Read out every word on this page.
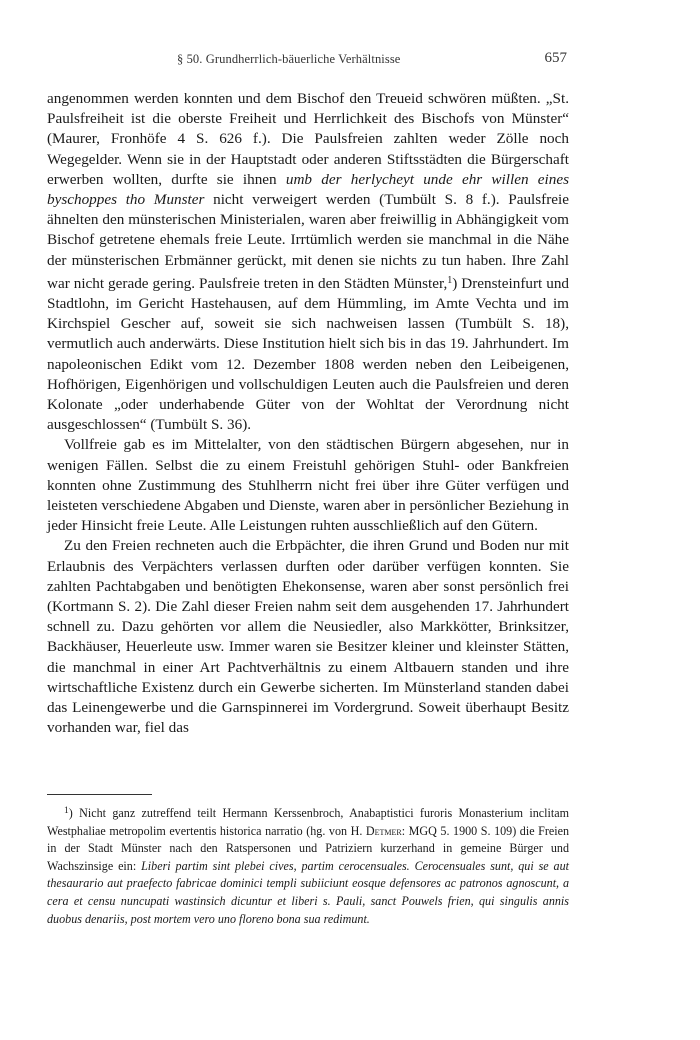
§ 50. Grundherrlich-bäuerliche Verhältnisse	657

angenommen werden konnten und dem Bischof den Treueid schwören müßten. „St. Paulsfreiheit ist die oberste Freiheit und Herrlichkeit des Bischofs von Münster“ (Maurer, Fronhöfe 4 S. 626 f.). Die Paulsfreien zahlten weder Zölle noch Wegegelder. Wenn sie in der Hauptstadt oder anderen Stiftsstädten die Bürgerschaft erwerben wollten, durfte sie ihnen umb der herlycheyt unde ehr willen eines byschoppes tho Munster nicht verweigert werden (Tumbült S. 8 f.). Paulsfreie ähnelten den münsterischen Ministerialen, waren aber freiwillig in Abhängigkeit vom Bischof getretene ehemals freie Leute. Irrtümlich werden sie manchmal in die Nähe der münsterischen Erbmänner gerückt, mit denen sie nichts zu tun haben. Ihre Zahl war nicht gerade gering. Paulsfreie treten in den Städten Münster,$^1$) Drensteinfurt und Stadtlohn, im Gericht Hastehausen, auf dem Hümmling, im Amte Vechta und im Kirchspiel Gescher auf, soweit sie sich nachweisen lassen (Tumbült S. 18), vermutlich auch anderwärts. Diese Institution hielt sich bis in das 19. Jahrhundert. Im napoleonischen Edikt vom 12. Dezember 1808 werden neben den Leibeigenen, Hofhörigen, Eigenhörigen und vollschuldigen Leuten auch die Paulsfreien und deren Kolonate „oder underhabende Güter von der Wohltat der Verordnung nicht ausgeschlossen“ (Tumbült S. 36).

Vollfreie gab es im Mittelalter, von den städtischen Bürgern abgesehen, nur in wenigen Fällen. Selbst die zu einem Freistuhl gehörigen Stuhl- oder Bankfreien konnten ohne Zustimmung des Stuhlherrn nicht frei über ihre Güter verfügen und leisteten verschiedene Abgaben und Dienste, waren aber in persönlicher Beziehung in jeder Hinsicht freie Leute. Alle Leistungen ruhten ausschließlich auf den Gütern.

Zu den Freien rechneten auch die Erbpächter, die ihren Grund und Boden nur mit Erlaubnis des Verpächters verlassen durften oder darüber verfügen konnten. Sie zahlten Pachtabgaben und benötigten Ehekonsense, waren aber sonst persönlich frei (Kortmann S. 2). Die Zahl dieser Freien nahm seit dem ausgehenden 17. Jahrhundert schnell zu. Dazu gehörten vor allem die Neusiedler, also Markkötter, Brinksitzer, Backhäuser, Heuerleute usw. Immer waren sie Besitzer kleiner und kleinster Stätten, die manchmal in einer Art Pachtverhältnis zu einem Altbauern standen und ihre wirtschaftliche Existenz durch ein Gewerbe sicherten. Im Münsterland standen dabei das Leinengewerbe und die Garnspinnerei im Vordergrund. Soweit überhaupt Besitz vorhanden war, fiel das

$^1$) Nicht ganz zutreffend teilt Hermann Kerssenbroch, Anabaptistici furoris Monasterium inclitam Westphaliae metropolim evertentis historica narratio (hg. von H. Detmer: MGQ 5. 1900 S. 109) die Freien in der Stadt Münster nach den Ratspersonen und Patriziern kurzerhand in gemeine Bürger und Wachszinsige ein: Liberi partim sint plebei cives, partim cerocensuales. Cerocensuales sunt, qui se aut thesaurario aut praefecto fabricae dominici templi subiiciunt eosque defensores ac patronos agnoscunt, a cera et censu nuncupati wastinsich dicuntur et liberi s. Pauli, sanct Pouwels frien, qui singulis annis duobus denariis, post mortem vero uno floreno bona sua redimunt.
